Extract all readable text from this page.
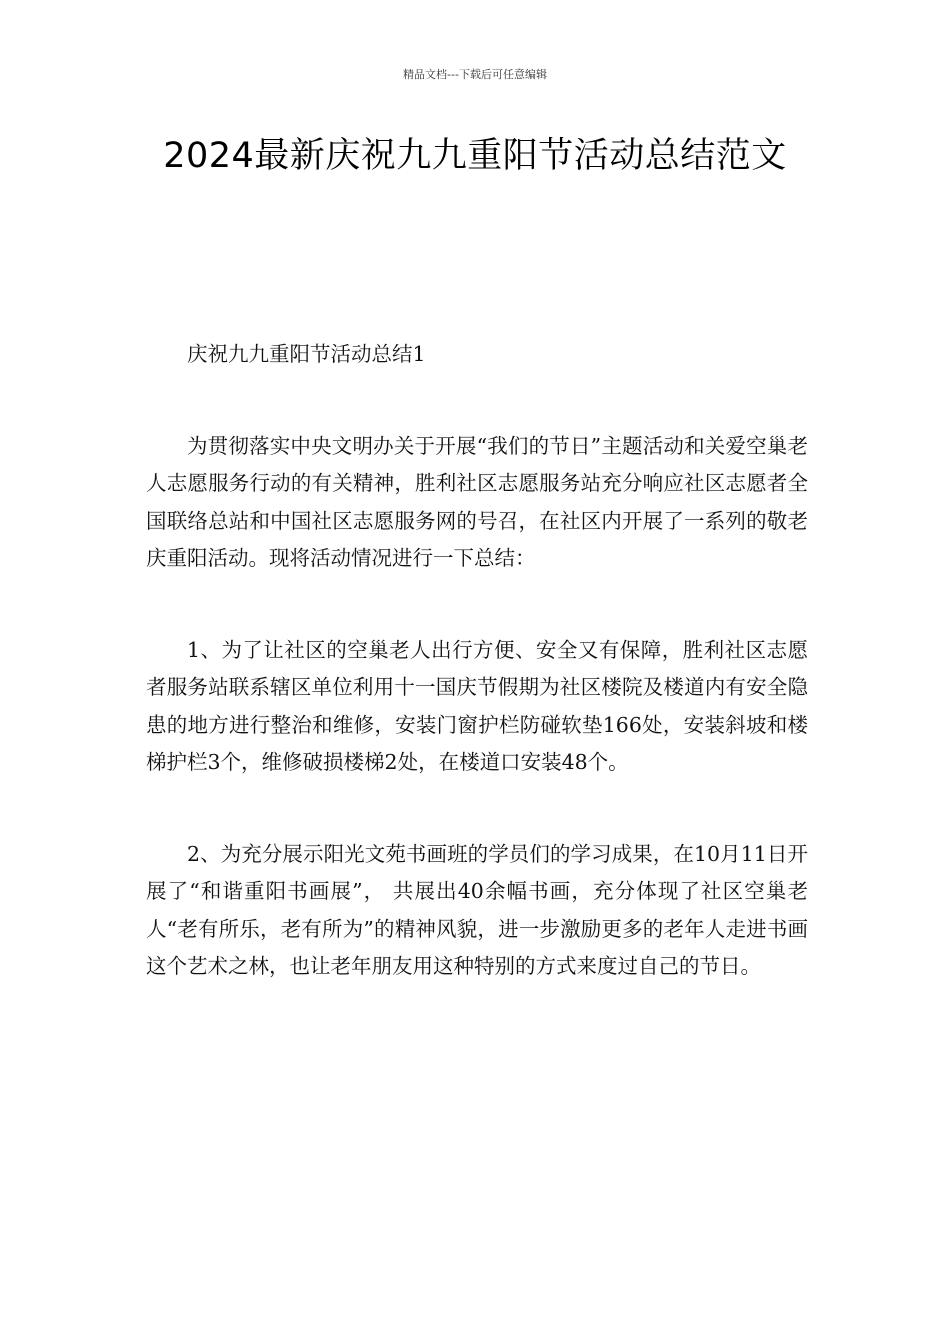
精品文档---下载后可任意编辑
2024最新庆祝九九重阳节活动总结范文

庆祝九九重阳节活动总结1

为贯彻落实中央文明办关于开展“我们的节日”主题活动和关爱空巢老人志愿服务行动的有关精神，胜利社区志愿服务站充分响应社区志愿者全国联络总站和中国社区志愿服务网的号召，在社区内开展了一系列的敬老庆重阳活动。现将活动情况进行一下总结：

1、为了让社区的空巢老人出行方便、安全又有保障，胜利社区志愿者服务站联系辖区单位利用十一国庆节假期为社区楼院及楼道内有安全隐患的地方进行整治和维修，安装门窗护栏防碰软垫166处，安装斜坡和楼梯护栏3个，维修破损楼梯2处，在楼道口安装48个。

2、为充分展示阳光文苑书画班的学员们的学习成果，在10月11日开展了“和谐重阳书画展”， 共展出40余幅书画，充分体现了社区空巢老人“老有所乐，老有所为”的精神风貌，进一步激励更多的老年人走进书画这个艺术之林，也让老年朋友用这种特别的方式来度过自己的节日。
